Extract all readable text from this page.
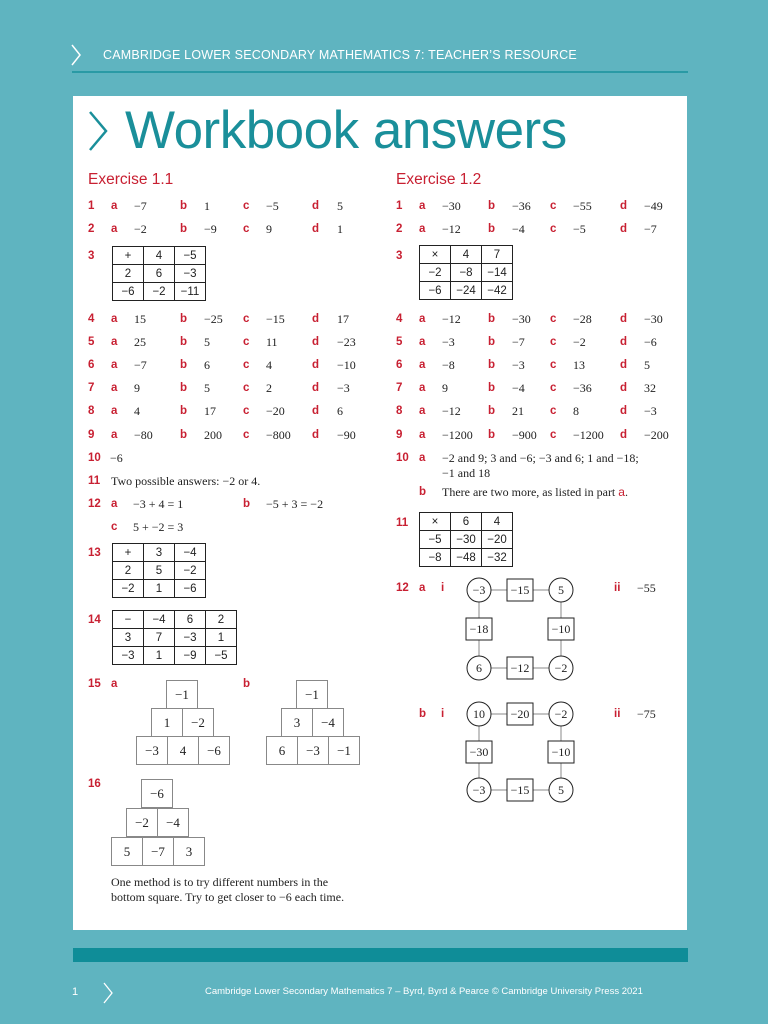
CAMBRIDGE LOWER SECONDARY MATHEMATICS 7: TEACHER’S RESOURCE
Workbook answers
Exercise 1.1
1 a −7	b 1	c −5	d 5
2 a −2	b −9 c 9	d 1
4 a 15	b −25 c −15 d 17
5 a 25	b 5	c 11	d −23
6 a −7	b 6	c 4	d −10
7 a 9	b 5	c 2	d −3
8 a 4	b 17 c −20 d 6
9 a −80 b 200 c −800 d −90
3	+	4	−5
2	6	−3
−6	−2	−11
10 −6
11 Two possible answers: −2 or 4.
12 a −3 + 4 = 1	b −5 + 3 = −2
c 5 + −2 = 3
13 +	3	−4
2	5	−2
−2	1	−6
14 −	−4	6	2
3	7	−3	1
−3	1	−9	−5
15 a	b
−1
1	−2
−3	4	−6
−1
3	−4
6	−3	−1
16
−6
−2	−4
5	−7	3
One method is to try different numbers in the bottom square. Try to get closer to −6 each time.
Exercise 1.2
1 a −30 b −36 c −55 d −49
2 a −12 b −4 c −5	d −7
4 a −12 b −30 c −28 d −30
5 a −3	b −7 c −2	d −6
6 a −8	b −3 c 13	d 5
7 a 9	b −4 c −36 d 32
8 a −12 b 21 c 8	d −3
9 a −1200 b −900 c −1200 d −200
3	×	4	7
−2	−8	−14
−6	−24	−42
10 a −2 and 9; 3 and −6; −3 and 6; 1 and −18;
−1 and 18
b There are two more, as listed in part a.
11 ×	6	4
−5	−30	−20
−8	−48	−32
12 a i	ii −55
b i	ii −75
−3 −15 5
−18	−10
6 −12 −2
10 −20 −2
−30	−10
−3 −15 5
1	Cambridge Lower Secondary Mathematics 7 – Byrd, Byrd & Pearce © Cambridge University Press 2021
